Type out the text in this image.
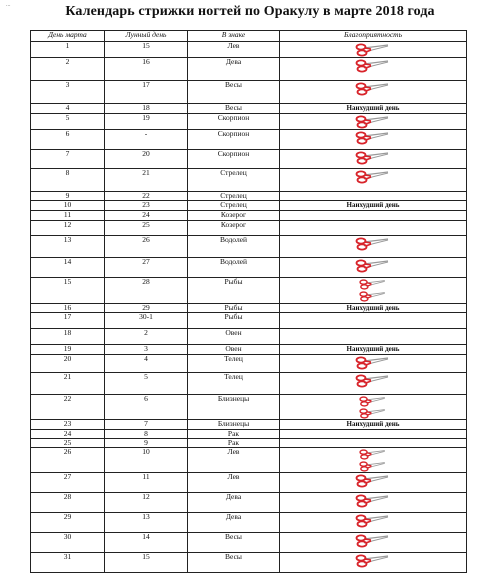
...	Календарь стрижки ногтей по Оракулу в марте 2018 года
День марта	Лунный день	В знаке	Благоприятность
1	15	Лев	

2	16	Дева	

3	17	Весы	

4	18	Весы	Наихудший день
5	19	Скорпион	

6	-	Скорпион	

7	20	Скорпион	

8	21	Стрелец	

9	22	Стрелец	
10	23	Стрелец	Наихудший день
11	24	Козерог	
12	25	Козерог	
13	26	Водолей	

14	27	Водолей	

15	28	Рыбы	

16	29	Рыбы	Наихудший день
17	30-1	Рыбы	
18	2	Овен	
19	3	Овен	Наихудший день
20	4	Телец	

21	5	Телец	

22	6	Близнецы	

23	7	Близнецы	Наихудший день
24	8	Рак	
25	9	Рак	
26	10	Лев	

27	11	Лев	

28	12	Дева	

29	13	Дева	

30	14	Весы	

31	15	Весы	
